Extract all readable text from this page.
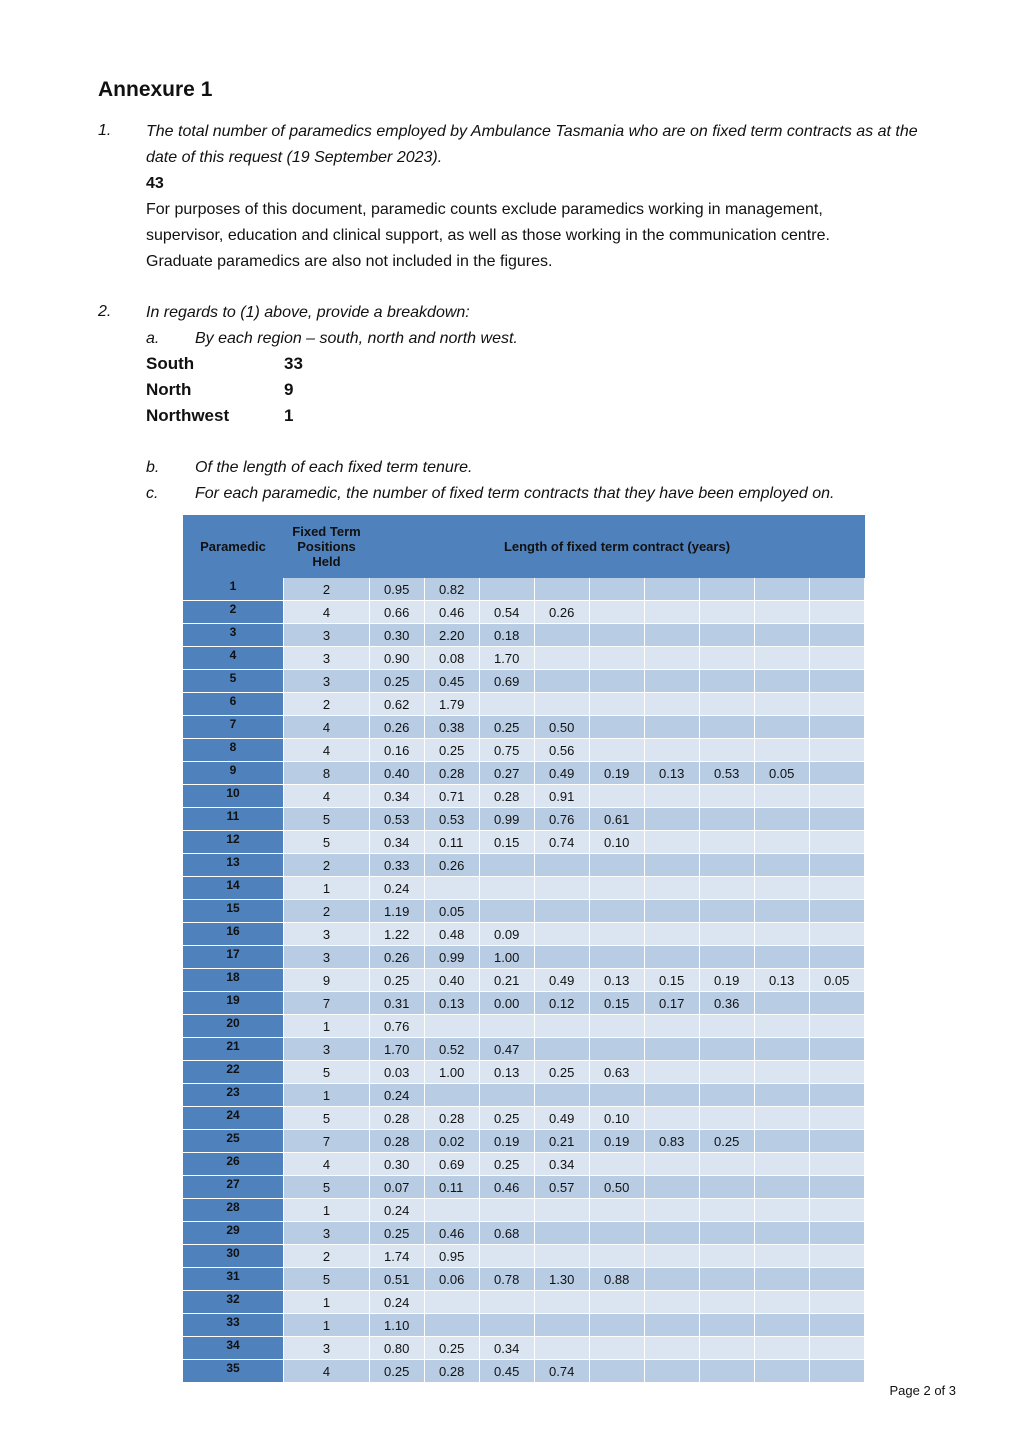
Annexure 1
1. The total number of paramedics employed by Ambulance Tasmania who are on fixed term contracts as at the
date of this request (19 September 2023).
43
For purposes of this document, paramedic counts exclude paramedics working in management,
supervisor, education and clinical support, as well as those working in the communication centre.
Graduate paramedics are also not included in the figures.
2. In regards to (1) above, provide a breakdown:
a. By each region – south, north and north west.
South	33
North	9
Northwest	1
b. Of the length of each fixed term tenure.
c. For each paramedic, the number of fixed term contracts that they have been employed on.
Paramedic	Fixed Term Positions Held	Length of fixed term contract (years)								
1	2	0.95	0.82							
2	4	0.66	0.46	0.54	0.26					
3	3	0.30	2.20	0.18						
4	3	0.90	0.08	1.70						
5	3	0.25	0.45	0.69						
6	2	0.62	1.79							
7	4	0.26	0.38	0.25	0.50					
8	4	0.16	0.25	0.75	0.56					
9	8	0.40	0.28	0.27	0.49	0.19	0.13	0.53	0.05	
10	4	0.34	0.71	0.28	0.91					
11	5	0.53	0.53	0.99	0.76	0.61				
12	5	0.34	0.11	0.15	0.74	0.10				
13	2	0.33	0.26							
14	1	0.24								
15	2	1.19	0.05							
16	3	1.22	0.48	0.09						
17	3	0.26	0.99	1.00						
18	9	0.25	0.40	0.21	0.49	0.13	0.15	0.19	0.13	0.05
19	7	0.31	0.13	0.00	0.12	0.15	0.17	0.36		
20	1	0.76								
21	3	1.70	0.52	0.47						
22	5	0.03	1.00	0.13	0.25	0.63				
23	1	0.24								
24	5	0.28	0.28	0.25	0.49	0.10				
25	7	0.28	0.02	0.19	0.21	0.19	0.83	0.25		
26	4	0.30	0.69	0.25	0.34					
27	5	0.07	0.11	0.46	0.57	0.50				
28	1	0.24								
29	3	0.25	0.46	0.68						
30	2	1.74	0.95							
31	5	0.51	0.06	0.78	1.30	0.88				
32	1	0.24								
33	1	1.10								
34	3	0.80	0.25	0.34						
35	4	0.25	0.28	0.45	0.74					
Page 2 of 3
